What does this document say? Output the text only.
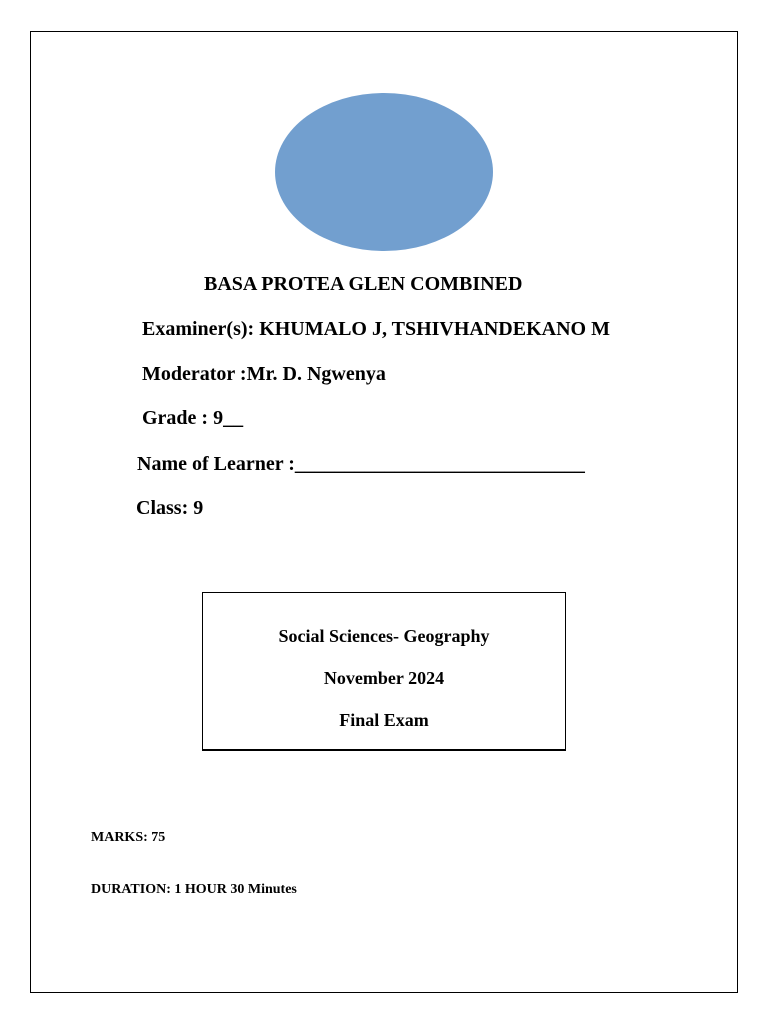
BASA PROTEA GLEN COMBINED
Examiner(s): KHUMALO J, TSHIVHANDEKANO M
Moderator :Mr. D. Ngwenya
Grade : 9__
Name of Learner :_____________________________
Class: 9
Social Sciences- Geography
November 2024
Final Exam
MARKS: 75
DURATION: 1 HOUR 30 Minutes
